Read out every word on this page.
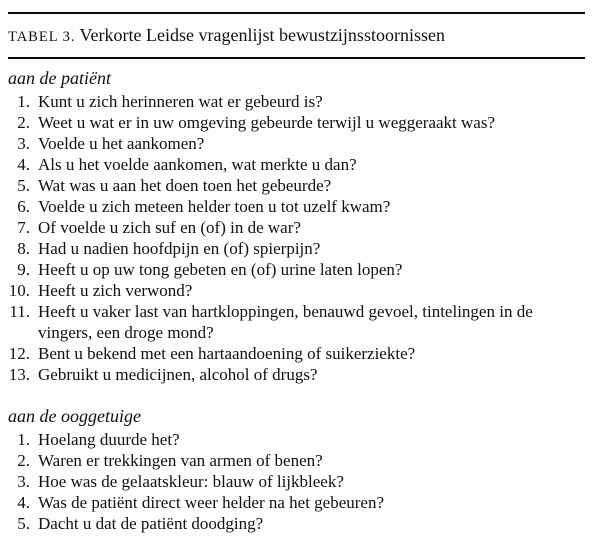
TABEL 3. Verkorte Leidse vragenlijst bewustzijnsstoornissen
aan de patiënt
1. Kunt u zich herinneren wat er gebeurd is?
2. Weet u wat er in uw omgeving gebeurde terwijl u weggeraakt was?
3. Voelde u het aankomen?
4. Als u het voelde aankomen, wat merkte u dan?
5. Wat was u aan het doen toen het gebeurde?
6. Voelde u zich meteen helder toen u tot uzelf kwam?
7. Of voelde u zich suf en (of) in de war?
8. Had u nadien hoofdpijn en (of) spierpijn?
9. Heeft u op uw tong gebeten en (of) urine laten lopen?
10. Heeft u zich verwond?
11. Heeft u vaker last van hartkloppingen, benauwd gevoel, tintelingen in de vingers, een droge mond?
12. Bent u bekend met een hartaandoening of suikerziekte?
13. Gebruikt u medicijnen, alcohol of drugs?
aan de ooggetuige
1. Hoelang duurde het?
2. Waren er trekkingen van armen of benen?
3. Hoe was de gelaatskleur: blauw of lijkbleek?
4. Was de patiënt direct weer helder na het gebeuren?
5. Dacht u dat de patiënt doodging?
